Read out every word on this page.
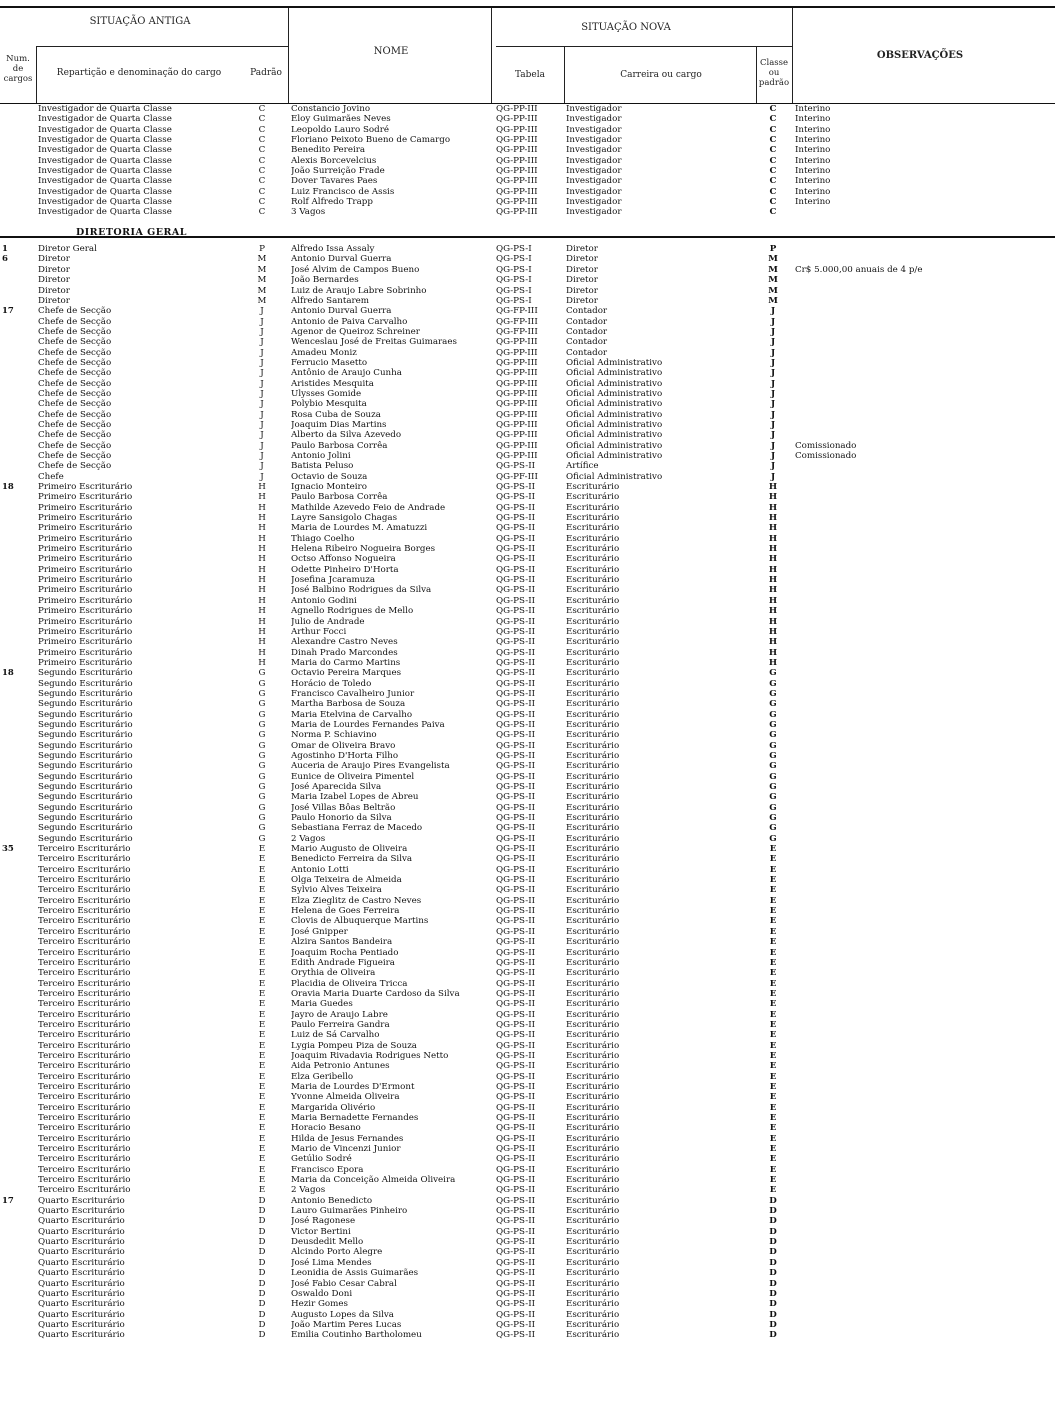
SITUAÇÃO ANTIGA
SITUAÇÃO NOVA
NOME
Num. de cargos
Repartição e denominação do cargo	Padrão	Tabela	Carreira ou cargo
Classe ou padrão
OBSERVAÇÕES
Investigador de Quarta Classe	C	Constancio Jovino	QG-PP-III	Investigador	C	Interino
Investigador de Quarta Classe	C	Eloy Guimarães Neves	QG-PP-III	Investigador	C	Interino
Investigador de Quarta Classe	C	Leopoldo Lauro Sodré	QG-PP-III	Investigador	C	Interino
Investigador de Quarta Classe	C	Floriano Peixoto Bueno de Camargo	QG-PP-III	Investigador	C	Interino
Investigador de Quarta Classe	C	Benedito Pereira	QG-PP-III	Investigador	C	Interino
Investigador de Quarta Classe	C	Alexis Borcevelcius	QG-PP-III	Investigador	C	Interino
Investigador de Quarta Classe	C	João Surreição Frade	QG-PP-III	Investigador	C	Interino
Investigador de Quarta Classe	C	Dover Tavares Paes	QG-PP-III	Investigador	C	Interino
Investigador de Quarta Classe	C	Luiz Francisco de Assis	QG-PP-III	Investigador	C	Interino
Investigador de Quarta Classe	C	Rolf Alfredo Trapp	QG-PP-III	Investigador	C	Interino
Investigador de Quarta Classe	C	3 Vagos	QG-PP-III	Investigador	C
DIRETORIA GERAL
1	Diretor Geral	P	Alfredo Issa Assaly	QG-PS-I	Diretor	P
6	Diretor	M	Antonio Durval Guerra	QG-PS-I	Diretor	M
Diretor	M	José Alvim de Campos Bueno	QG-PS-I	Diretor	M	Cr$ 5.000,00 anuais de 4 p/e
Diretor	M	João Bernardes	QG-PS-I	Diretor	M
Diretor	M	Luiz de Araujo Labre Sobrinho	QG-PS-I	Diretor	M
Diretor	M	Alfredo Santarem	QG-PS-I	Diretor	M
17	Chefe de Secção	J	Antonio Durval Guerra	QG-FP-III	Contador	J
Chefe de Secção	J	Antonio de Paiva Carvalho	QG-FP-III	Contador	J
Chefe de Secção	J	Agenor de Queiroz Schreiner	QG-FP-III	Contador	J
Chefe de Secção	J	Wenceslau José de Freitas Guimaraes	QG-PP-III	Contador	J
Chefe de Secção	J	Amadeu Moniz	QG-PP-III	Contador	J
Chefe de Secção	J	Ferrucio Masetto	QG-PP-III	Oficial Administrativo	J
Chefe de Secção	J	Antônio de Araujo Cunha	QG-PP-III	Oficial Administrativo	J
Chefe de Secção	J	Aristides Mesquita	QG-PP-III	Oficial Administrativo	J
Chefe de Secção	J	Ulysses Gomide	QG-PP-III	Oficial Administrativo	J
Chefe de Secção	J	Polybio Mesquita	QG-PP-III	Oficial Administrativo	J
Chefe de Secção	J	Rosa Cuba de Souza	QG-PP-III	Oficial Administrativo	J
Chefe de Secção	J	Joaquim Dias Martins	QG-PP-III	Oficial Administrativo	J
Chefe de Secção	J	Alberto da Silva Azevedo	QG-PP-III	Oficial Administrativo	J
Chefe de Secção	J	Paulo Barbosa Corrêa	QG-PP-III	Oficial Administrativo	J	Comissionado
Chefe de Secção	J	Antonio Jolini	QG-PP-III	Oficial Administrativo	J	Comissionado
Chefe de Secção	J	Batista Peluso	QG-PS-II	Artífice	J
Chefe	J	Octavio de Souza	QG-PF-III	Oficial Administrativo	J
18	Primeiro Escriturário	H	Ignacio Monteiro	QG-PS-II	Escriturário	H
Primeiro Escriturário	H	Paulo Barbosa Corrêa	QG-PS-II	Escriturário	H
Primeiro Escriturário	H	Mathilde Azevedo Feio de Andrade	QG-PS-II	Escriturário	H
Primeiro Escriturário	H	Layre Sansigolo Chagas	QG-PS-II	Escriturário	H
Primeiro Escriturário	H	Maria de Lourdes M. Amatuzzi	QG-PS-II	Escriturário	H
Primeiro Escriturário	H	Thiago Coelho	QG-PS-II	Escriturário	H
Primeiro Escriturário	H	Helena Ribeiro Nogueira Borges	QG-PS-II	Escriturário	H
Primeiro Escriturário	H	Octso Affonso Nogueira	QG-PS-II	Escriturário	H
Primeiro Escriturário	H	Odette Pinheiro D'Horta	QG-PS-II	Escriturário	H
Primeiro Escriturário	H	Josefina Jcaramuza	QG-PS-II	Escriturário	H
Primeiro Escriturário	H	José Balbino Rodrigues da Silva	QG-PS-II	Escriturário	H
Primeiro Escriturário	H	Antonio Godini	QG-PS-II	Escriturário	H
Primeiro Escriturário	H	Agnello Rodrigues de Mello	QG-PS-II	Escriturário	H
Primeiro Escriturário	H	Julio de Andrade	QG-PS-II	Escriturário	H
Primeiro Escriturário	H	Arthur Focci	QG-PS-II	Escriturário	H
Primeiro Escriturário	H	Alexandre Castro Neves	QG-PS-II	Escriturário	H
Primeiro Escriturário	H	Dinah Prado Marcondes	QG-PS-II	Escriturário	H
Primeiro Escriturário	H	Maria do Carmo Martins	QG-PS-II	Escriturário	H
18	Segundo Escriturário	G	Octavio Pereira Marques	QG-PS-II	Escriturário	G
Segundo Escriturário	G	Horácio de Toledo	QG-PS-II	Escriturário	G
Segundo Escriturário	G	Francisco Cavalheiro Junior	QG-PS-II	Escriturário	G
Segundo Escriturário	G	Martha Barbosa de Souza	QG-PS-II	Escriturário	G
Segundo Escriturário	G	Maria Etelvina de Carvalho	QG-PS-II	Escriturário	G
Segundo Escriturário	G	Maria de Lourdes Fernandes Paiva	QG-PS-II	Escriturário	G
Segundo Escriturário	G	Norma P. Schiavino	QG-PS-II	Escriturário	G
Segundo Escriturário	G	Omar de Oliveira Bravo	QG-PS-II	Escriturário	G
Segundo Escriturário	G	Agostinho D'Horta Filho	QG-PS-II	Escriturário	G
Segundo Escriturário	G	Auceria de Araujo Pires Evangelista	QG-PS-II	Escriturário	G
Segundo Escriturário	G	Eunice de Oliveira Pimentel	QG-PS-II	Escriturário	G
Segundo Escriturário	G	José Aparecida Silva	QG-PS-II	Escriturário	G
Segundo Escriturário	G	Maria Izabel Lopes de Abreu	QG-PS-II	Escriturário	G
Segundo Escriturário	G	José Villas Bôas Beltrão	QG-PS-II	Escriturário	G
Segundo Escriturário	G	Paulo Honorio da Silva	QG-PS-II	Escriturário	G
Segundo Escriturário	G	Sebastiana Ferraz de Macedo	QG-PS-II	Escriturário	G
Segundo Escriturário	G	2 Vagos	QG-PS-II	Escriturário	G
35	Terceiro Escriturário	E	Mario Augusto de Oliveira	QG-PS-II	Escriturário	E
Terceiro Escriturário	E	Benedicto Ferreira da Silva	QG-PS-II	Escriturário	E
Terceiro Escriturário	E	Antonio Lotti	QG-PS-II	Escriturário	E
Terceiro Escriturário	E	Olga Teixeira de Almeida	QG-PS-II	Escriturário	E
Terceiro Escriturário	E	Sylvio Alves Teixeira	QG-PS-II	Escriturário	E
Terceiro Escriturário	E	Elza Zieglitz de Castro Neves	QG-PS-II	Escriturário	E
Terceiro Escriturário	E	Helena de Goes Ferreira	QG-PS-II	Escriturário	E
Terceiro Escriturário	E	Clovis de Albuquerque Martins	QG-PS-II	Escriturário	E
Terceiro Escriturário	E	José Gnipper	QG-PS-II	Escriturário	E
Terceiro Escriturário	E	Alzira Santos Bandeira	QG-PS-II	Escriturário	E
Terceiro Escriturário	E	Joaquim Rocha Pentiado	QG-PS-II	Escriturário	E
Terceiro Escriturário	E	Edith Andrade Figueira	QG-PS-II	Escriturário	E
Terceiro Escriturário	E	Orythia de Oliveira	QG-PS-II	Escriturário	E
Terceiro Escriturário	E	Placidia de Oliveira Tricca	QG-PS-II	Escriturário	E
Terceiro Escriturário	E	Oravia Maria Duarte Cardoso da Silva	QG-PS-II	Escriturário	E
Terceiro Escriturário	E	Maria Guedes	QG-PS-II	Escriturário	E
Terceiro Escriturário	E	Jayro de Araujo Labre	QG-PS-II	Escriturário	E
Terceiro Escriturário	E	Paulo Ferreira Gandra	QG-PS-II	Escriturário	E
Terceiro Escriturário	E	Luiz de Sá Carvalho	QG-PS-II	Escriturário	E
Terceiro Escriturário	E	Lygia Pompeu Piza de Souza	QG-PS-II	Escriturário	E
Terceiro Escriturário	E	Joaquim Rivadavia Rodrigues Netto	QG-PS-II	Escriturário	E
Terceiro Escriturário	E	Aida Petronio Antunes	QG-PS-II	Escriturário	E
Terceiro Escriturário	E	Elza Geribello	QG-PS-II	Escriturário	E
Terceiro Escriturário	E	Maria de Lourdes D'Ermont	QG-PS-II	Escriturário	E
Terceiro Escriturário	E	Yvonne Almeida Oliveira	QG-PS-II	Escriturário	E
Terceiro Escriturário	E	Margarida Olivério	QG-PS-II	Escriturário	E
Terceiro Escriturário	E	Maria Bernadette Fernandes	QG-PS-II	Escriturário	E
Terceiro Escriturário	E	Horacio Besano	QG-PS-II	Escriturário	E
Terceiro Escriturário	E	Hilda de Jesus Fernandes	QG-PS-II	Escriturário	E
Terceiro Escriturário	E	Mario de Vincenzi Junior	QG-PS-II	Escriturário	E
Terceiro Escriturário	E	Getúlio Sodré	QG-PS-II	Escriturário	E
Terceiro Escriturário	E	Francisco Epora	QG-PS-II	Escriturário	E
Terceiro Escriturário	E	Maria da Conceição Almeida Oliveira	QG-PS-II	Escriturário	E
Terceiro Escriturário	E	2 Vagos	QG-PS-II	Escriturário	E
17	Quarto Escriturário	D	Antonio Benedicto	QG-PS-II	Escriturário	D
Quarto Escriturário	D	Lauro Guimarães Pinheiro	QG-PS-II	Escriturário	D
Quarto Escriturário	D	José Ragonese	QG-PS-II	Escriturário	D
Quarto Escriturário	D	Victor Bertini	QG-PS-II	Escriturário	D
Quarto Escriturário	D	Deusdedit Mello	QG-PS-II	Escriturário	D
Quarto Escriturário	D	Alcindo Porto Alegre	QG-PS-II	Escriturário	D
Quarto Escriturário	D	José Lima Mendes	QG-PS-II	Escriturário	D
Quarto Escriturário	D	Leonidia de Assis Guimarães	QG-PS-II	Escriturário	D
Quarto Escriturário	D	José Fabio Cesar Cabral	QG-PS-II	Escriturário	D
Quarto Escriturário	D	Oswaldo Doni	QG-PS-II	Escriturário	D
Quarto Escriturário	D	Hezir Gomes	QG-PS-II	Escriturário	D
Quarto Escriturário	D	Augusto Lopes da Silva	QG-PS-II	Escriturário	D
Quarto Escriturário	D	João Martim Peres Lucas	QG-PS-II	Escriturário	D
Quarto Escriturário	D	Emilia Coutinho Bartholomeu	QG-PS-II	Escriturário	D
